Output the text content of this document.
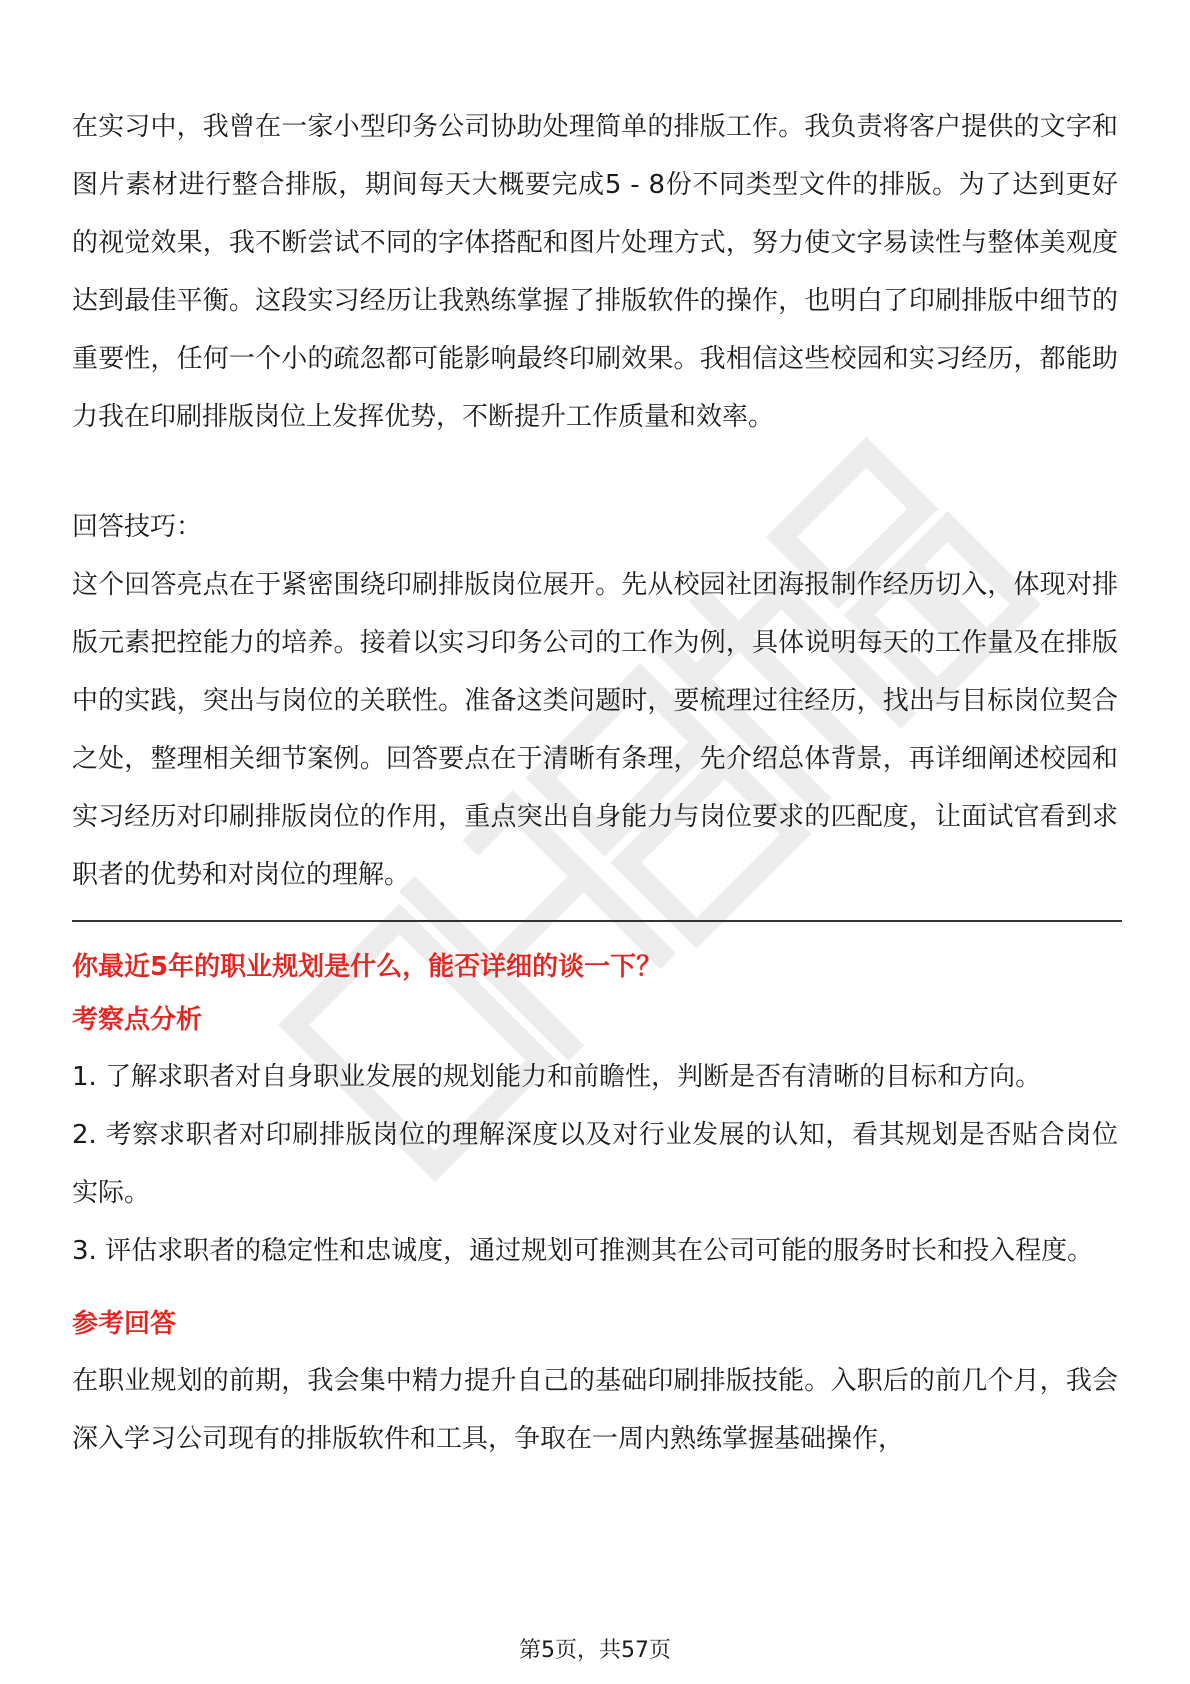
在实习中，我曾在一家小型印务公司协助处理简单的排版工作。我负责将客户提供的文字和图片素材进行整合排版，期间每天大概要完成5 - 8份不同类型文件的排版。为了达到更好的视觉效果，我不断尝试不同的字体搭配和图片处理方式，努力使文字易读性与整体美观度达到最佳平衡。这段实习经历让我熟练掌握了排版软件的操作，也明白了印刷排版中细节的重要性，任何一个小的疏忽都可能影响最终印刷效果。我相信这些校园和实习经历，都能助力我在印刷排版岗位上发挥优势，不断提升工作质量和效率。

回答技巧：

这个回答亮点在于紧密围绕印刷排版岗位展开。先从校园社团海报制作经历切入，体现对排版元素把控能力的培养。接着以实习印务公司的工作为例，具体说明每天的工作量及在排版中的实践，突出与岗位的关联性。准备这类问题时，要梳理过往经历，找出与目标岗位契合之处，整理相关细节案例。回答要点在于清晰有条理，先介绍总体背景，再详细阐述校园和实习经历对印刷排版岗位的作用，重点突出自身能力与岗位要求的匹配度，让面试官看到求职者的优势和对岗位的理解。

你最近5年的职业规划是什么，能否详细的谈一下？

考察点分析

1. 了解求职者对自身职业发展的规划能力和前瞻性，判断是否有清晰的目标和方向。

2. 考察求职者对印刷排版岗位的理解深度以及对行业发展的认知，看其规划是否贴合岗位实际。

3. 评估求职者的稳定性和忠诚度，通过规划可推测其在公司可能的服务时长和投入程度。

参考回答

在职业规划的前期，我会集中精力提升自己的基础印刷排版技能。入职后的前几个月，我会深入学习公司现有的排版软件和工具，争取在一周内熟练掌握基础操作，

第5页，共57页
